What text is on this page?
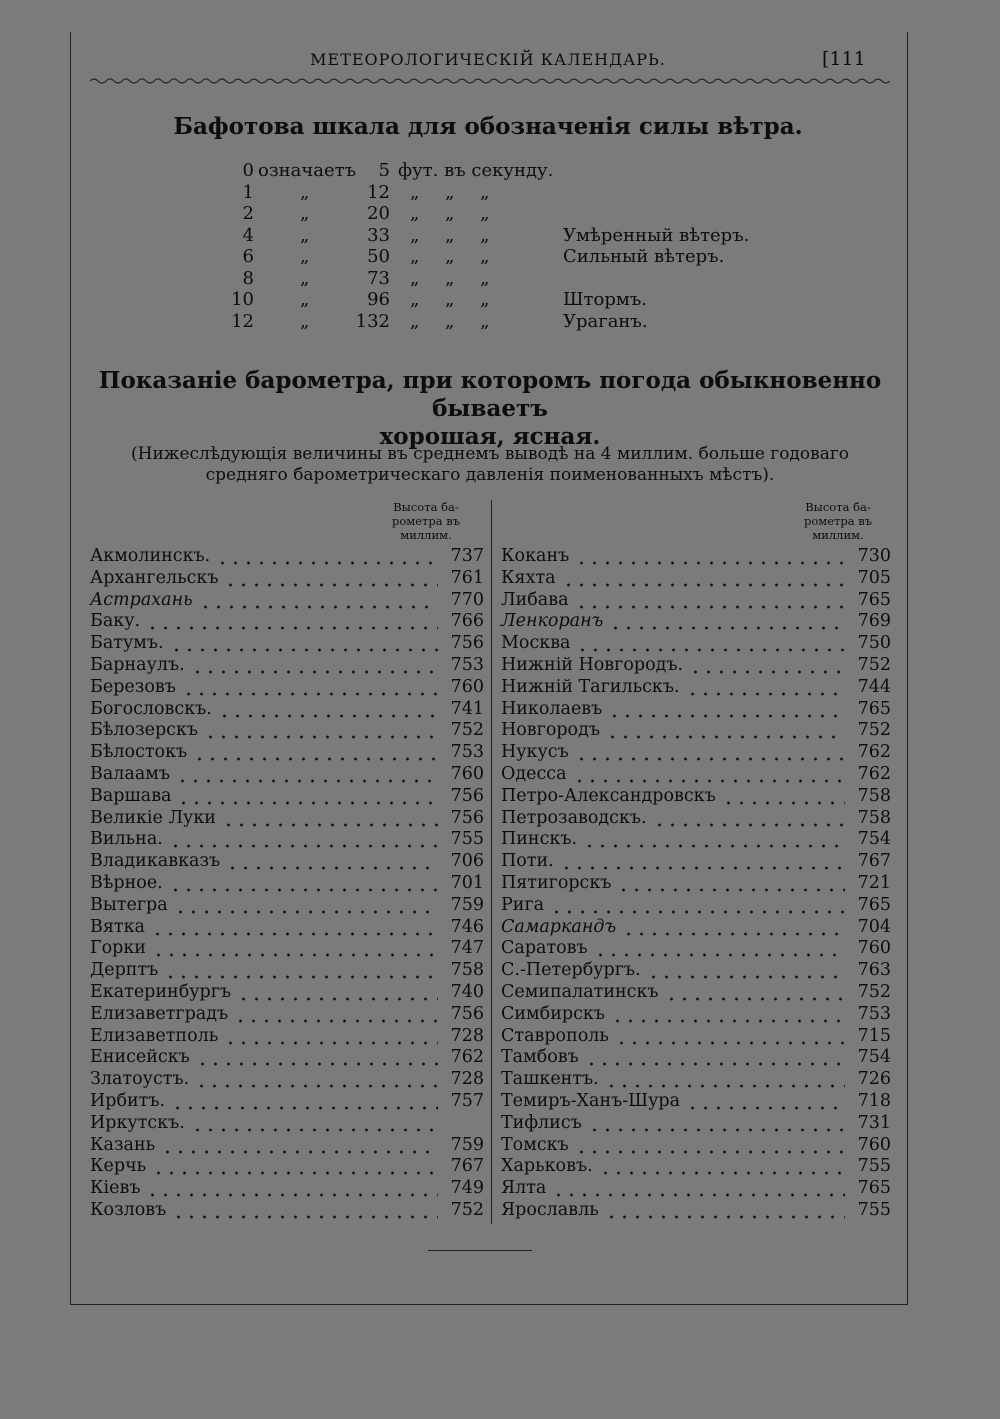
МЕТЕОРОЛОГИЧЕСКІЙ КАЛЕНДАРЬ.	[111
Бафотова шкала для обозначенія силы вѣтра.
0 означаетъ	5 фут. въ секунду.
1	„	12 „ „ „
2	„	20 „ „ „
4	„	33 „ „ „	Умѣренный вѣтеръ.
6	„	50 „ „ „	Сильный вѣтеръ.
8	„	73 „ „ „
10	„	96 „ „ „	Штормъ.
12	„	132 „ „ „	Ураганъ.
Показаніе барометра, при которомъ погода обыкновенно бываетъ
хорошая, ясная.
(Нижеслѣдующія величины въ среднемъ выводѣ на 4 миллим. больше годоваго
средняго барометрическаго давленія поименованныхъ мѣстъ).
Высота ба-
рометра въ
миллим.
Высота ба-
рометра въ
миллим.
Акмолинскъ.	737
Архангельскъ	761
Астрахань	770
Баку.	766
Батумъ.	756
Барнаулъ.	753
Березовъ	760
Богословскъ.	741
Бѣлозерскъ	752
Бѣлостокъ	753
Валаамъ	760
Варшава	756
Великіе Луки	756
Вильна.	755
Владикавказъ	706
Вѣрное.	701
Вытегра	759
Вятка	746
Горки	747
Дерптъ	758
Екатеринбургъ	740
Елизаветградъ	756
Елизаветполь	728
Енисейскъ	762
Златоустъ.	728
Ирбитъ.	757
Иркутскъ.
Казань	759
Керчь	767
Кіевъ	749
Козловъ	752
Коканъ	730
Кяхта	705
Либава	765
Ленкоранъ	769
Москва	750
Нижній Новгородъ.	752
Нижній Тагильскъ.	744
Николаевъ	765
Новгородъ	752
Нукусъ	762
Одесса	762
Петро-Александровскъ	758
Петрозаводскъ.	758
Пинскъ.	754
Поти.	767
Пятигорскъ	721
Рига	765
Самаркандъ	704
Саратовъ	760
С.-Петербургъ.	763
Семипалатинскъ	752
Симбирскъ	753
Ставрополь	715
Тамбовъ	754
Ташкентъ.	726
Темиръ-Ханъ-Шура	718
Тифлисъ	731
Томскъ	760
Харьковъ.	755
Ялта	765
Ярославль	755
